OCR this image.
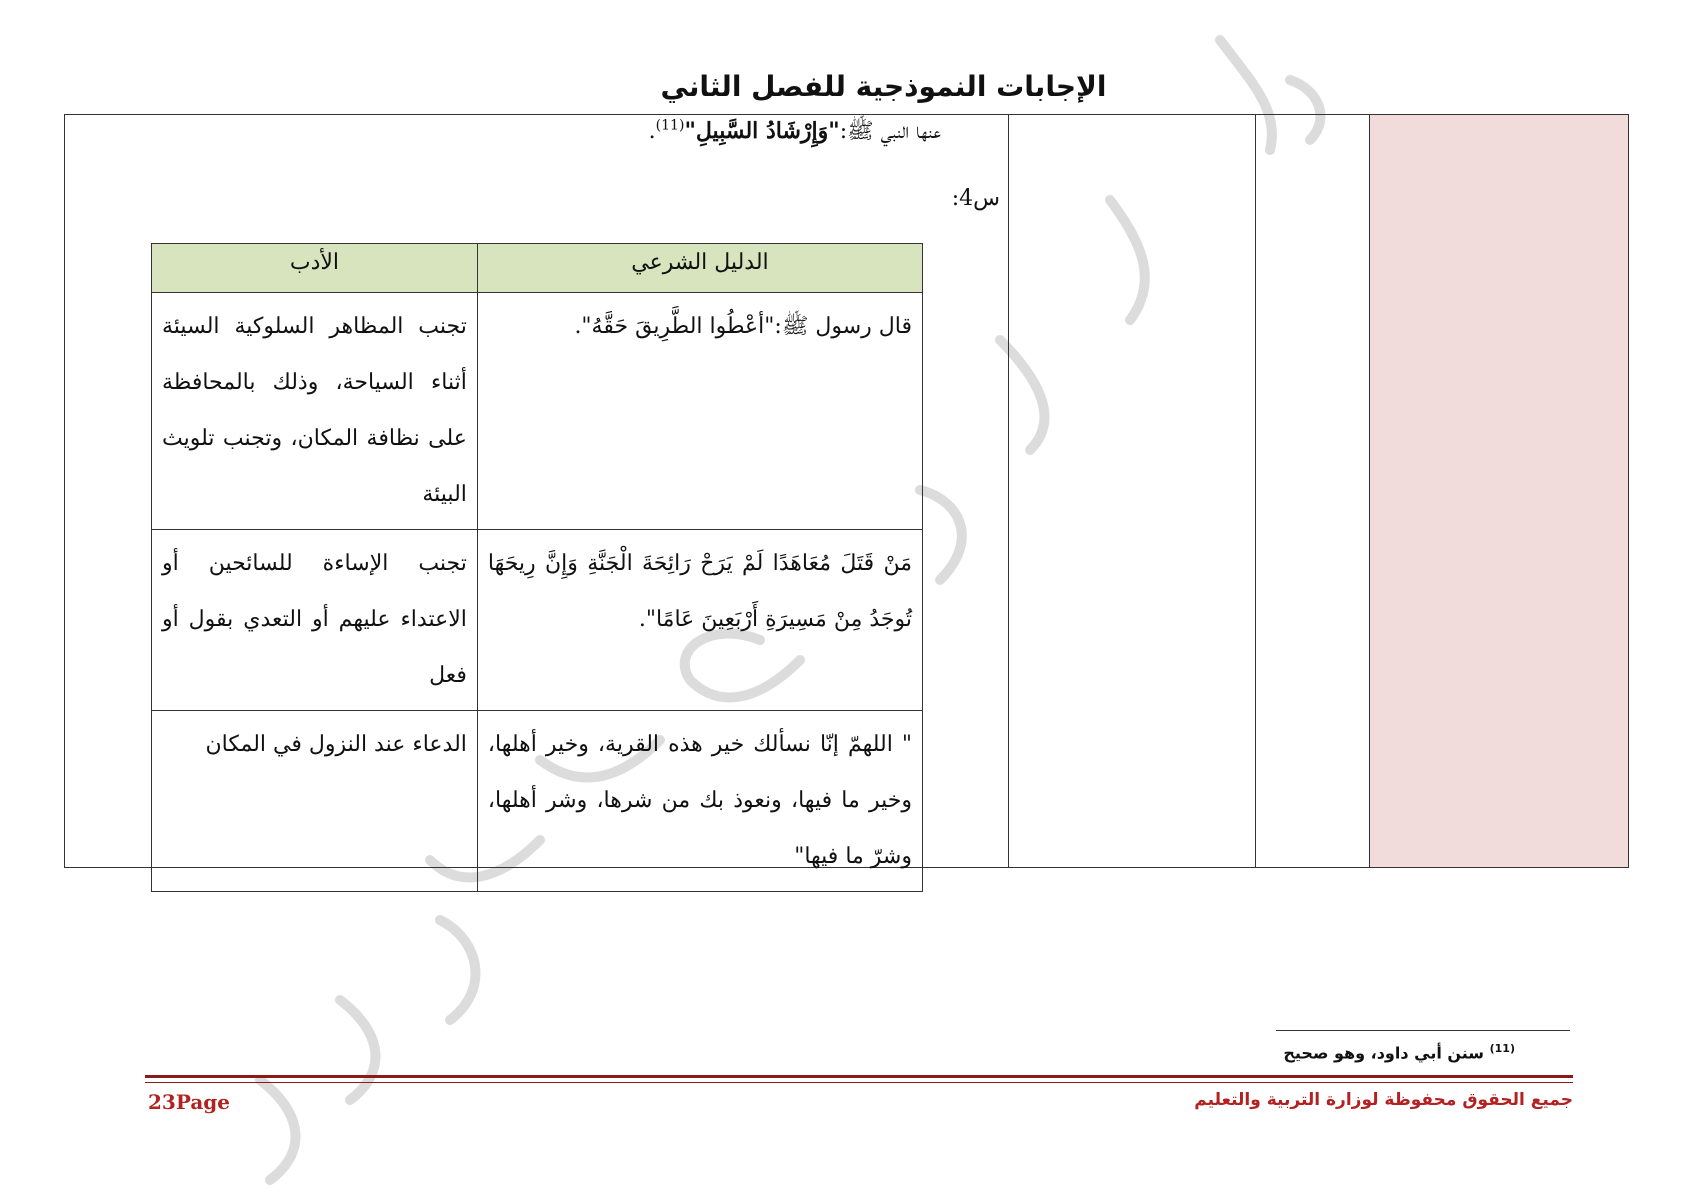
الإجابات النموذجية للفصل الثاني
عنها النبي ﷺ:"وَإِرْشَادُ السَّبِيلِ"$^{(11)}$.
س4:
الدليل الشرعي	الأدب
قال رسول ﷺ:"أعْطُوا الطَّرِيقَ حَقَّهُ".	تجنب المظاهر السلوكية السيئة أثناء السياحة، وذلك بالمحافظة على نظافة المكان، وتجنب تلويث البيئة
مَنْ قَتَلَ مُعَاهَدًا لَمْ يَرَحْ رَائِحَةَ الْجَنَّةِ وَإِنَّ رِيحَهَا تُوجَدُ مِنْ مَسِيرَةِ أَرْبَعِينَ عَامًا".	تجنب الإساءة للسائحين أو الاعتداء عليهم أو التعدي بقول أو فعل
" اللهمّ إنّا نسألك خير هذه القرية، وخير أهلها، وخير ما فيها، ونعوذ بك من شرها، وشر أهلها، وشرّ ما فيها"	الدعاء عند النزول في المكان
$^{(11)}$ سنن أبي داود، وهو صحيح
23Page	جميع الحقوق محفوظة لوزارة التربية والتعليم
